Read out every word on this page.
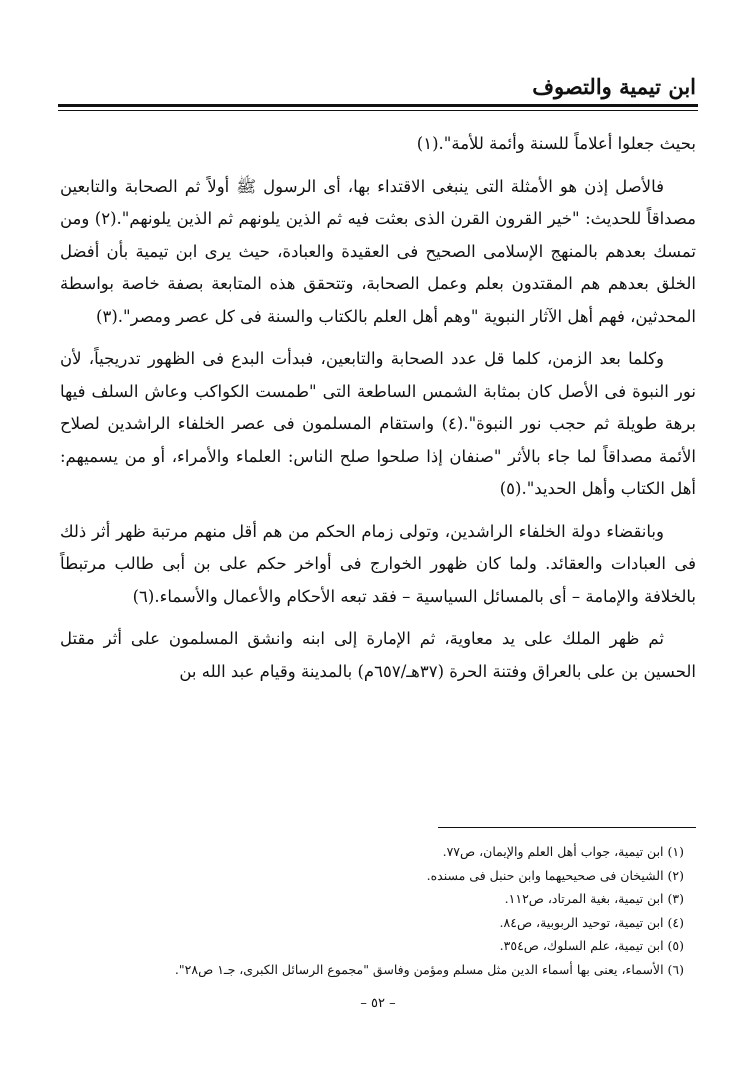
ابن تيمية والتصوف

بحيث جعلوا أعلاماً للسنة وأئمة للأمة".(١)

فالأصل إذن هو الأمثلة التى ينبغى الاقتداء بها، أى الرسول ﷺ أولاً ثم الصحابة والتابعين مصداقاً للحديث: "خير القرون القرن الذى بعثت فيه ثم الذين يلونهم ثم الذين يلونهم".(٢) ومن تمسك بعدهم بالمنهج الإسلامى الصحيح فى العقيدة والعبادة، حيث يرى ابن تيمية بأن أفضل الخلق بعدهم هم المقتدون بعلم وعمل الصحابة، وتتحقق هذه المتابعة بصفة خاصة بواسطة المحدثين، فهم أهل الآثار النبوية "وهم أهل العلم بالكتاب والسنة فى كل عصر ومصر".(٣)

وكلما بعد الزمن، كلما قل عدد الصحابة والتابعين، فبدأت البدع فى الظهور تدريجياً، لأن نور النبوة فى الأصل كان بمثابة الشمس الساطعة التى "طمست الكواكب وعاش السلف فيها برهة طويلة ثم حجب نور النبوة".(٤) واستقام المسلمون فى عصر الخلفاء الراشدين لصلاح الأئمة مصداقاً لما جاء بالأثر "صنفان إذا صلحوا صلح الناس: العلماء والأمراء، أو من يسميهم: أهل الكتاب وأهل الحديد".(٥)

وبانقضاء دولة الخلفاء الراشدين، وتولى زمام الحكم من هم أقل منهم مرتبة ظهر أثر ذلك فى العبادات والعقائد. ولما كان ظهور الخوارج فى أواخر حكم على بن أبى طالب مرتبطاً بالخلافة والإمامة – أى بالمسائل السياسية – فقد تبعه الأحكام والأعمال والأسماء.(٦)

ثم ظهر الملك على يد معاوية، ثم الإمارة إلى ابنه وانشق المسلمون على أثر مقتل الحسين بن على بالعراق وفتنة الحرة (٣٧هـ/٦٥٧م) بالمدينة وقيام عبد الله بن

(١) ابن تيمية، جواب أهل العلم والإيمان، ص٧٧.
(٢) الشيخان فى صحيحيهما وابن حنبل فى مسنده.
(٣) ابن تيمية، بغية المرتاد، ص١١٢.
(٤) ابن تيمية، توحيد الربوبية، ص٨٤.
(٥) ابن تيمية، علم السلوك، ص٣٥٤.
(٦) الأسماء، يعنى بها أسماء الدين مثل مسلم ومؤمن وفاسق "مجموع الرسائل الكبرى، جـ١ ص٢٨".
– ٥٢ –
